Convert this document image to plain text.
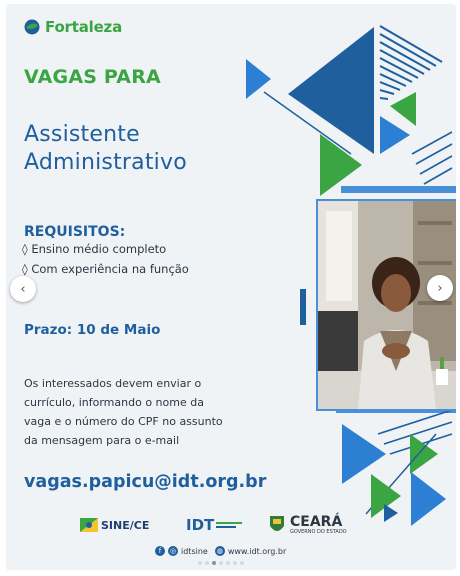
Fortaleza
VAGAS PARA
Assistente
Administrativo
REQUISITOS:
◊ Ensino médio completo
◊ Com experiência na função
Prazo: 10 de Maio
Os interessados devem enviar o currículo, informando o nome da vaga e o número do CPF no assunto da mensagem para o e-mail
vagas.papicu@idt.org.br
SINE/CE IDT	CEARÁ
GOVERNO DO ESTADO
f	◎ idtsine ◍ www.idt.org.br
‹	›
